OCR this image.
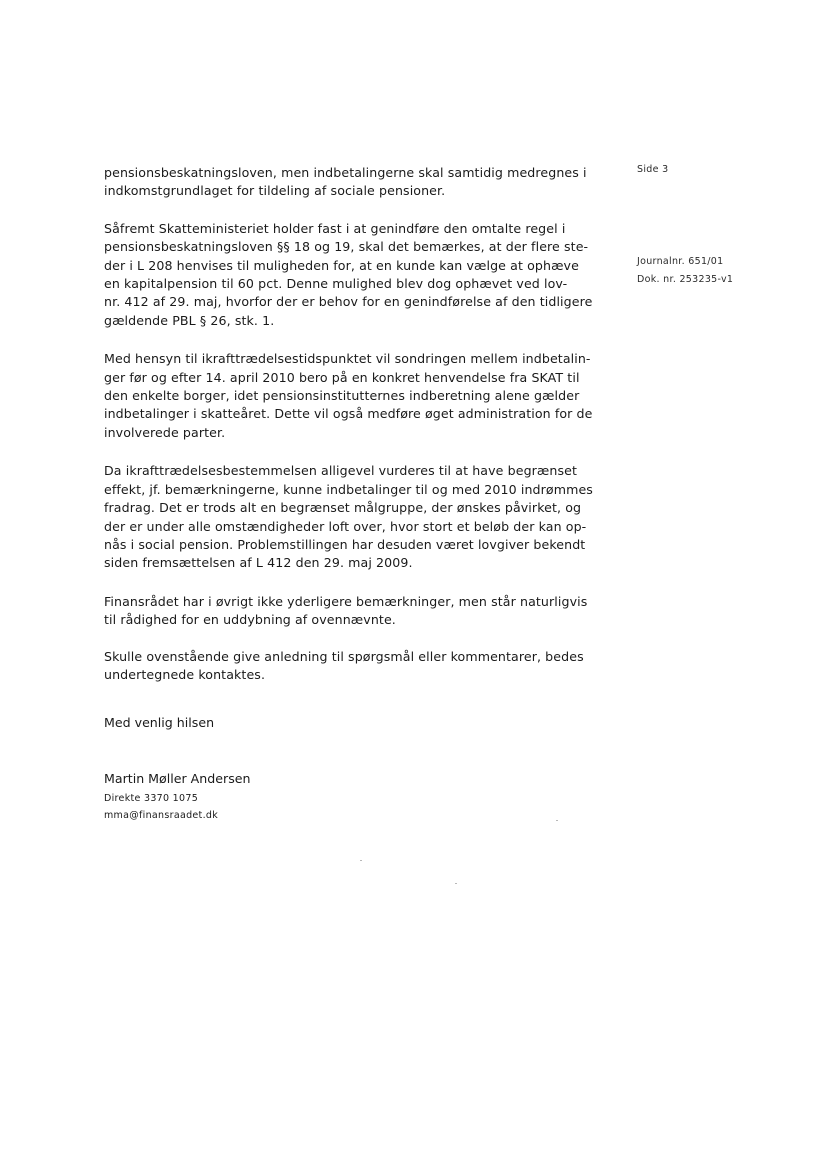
Side 3
Journalnr. 651/01
Dok. nr. 253235-v1

pensionsbeskatningsloven, men indbetalingerne skal samtidig medregnes i
indkomstgrundlaget for tildeling af sociale pensioner.

Såfremt Skatteministeriet holder fast i at genindføre den omtalte regel i
pensionsbeskatningsloven §§ 18 og 19, skal det bemærkes, at der flere ste-
der i L 208 henvises til muligheden for, at en kunde kan vælge at ophæve
en kapitalpension til 60 pct. Denne mulighed blev dog ophævet ved lov-
nr. 412 af 29. maj, hvorfor der er behov for en genindførelse af den tidligere
gældende PBL § 26, stk. 1.

Med hensyn til ikrafttrædelsestidspunktet vil sondringen mellem indbetalin-
ger før og efter 14. april 2010 bero på en konkret henvendelse fra SKAT til
den enkelte borger, idet pensionsinstitutternes indberetning alene gælder
indbetalinger i skatteåret. Dette vil også medføre øget administration for de
involverede parter.

Da ikrafttrædelsesbestemmelsen alligevel vurderes til at have begrænset
effekt, jf. bemærkningerne, kunne indbetalinger til og med 2010 indrømmes
fradrag. Det er trods alt en begrænset målgruppe, der ønskes påvirket, og
der er under alle omstændigheder loft over, hvor stort et beløb der kan op-
nås i social pension. Problemstillingen har desuden været lovgiver bekendt
siden fremsættelsen af L 412 den 29. maj 2009.

Finansrådet har i øvrigt ikke yderligere bemærkninger, men står naturligvis
til rådighed for en uddybning af ovennævnte.

Skulle ovenstående give anledning til spørgsmål eller kommentarer, bedes
undertegnede kontaktes.

Med venlig hilsen
Martin Møller Andersen
Direkte 3370 1075
mma@finansraadet.dk
